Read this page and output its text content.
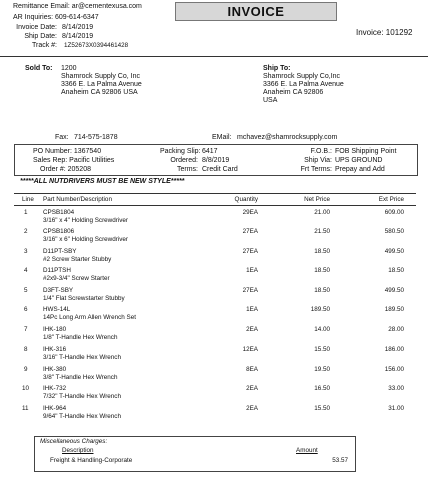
Remittance Email: ar@cementexusa.com
AR Inquiries: 609-614-6347
Invoice Date: 8/14/2019
Ship Date: 8/14/2019
Track #: 1Z52673X0394461428
INVOICE
Invoice: 101292
Sold To: 1200
Shamrock Supply Co, Inc
3366 E. La Palma Avenue
Anaheim CA 92806 USA
Ship To:
Shamrock Supply Co,Inc
3366 E. La Palma Avenue
Anaheim CA 92806
USA
Fax: 714-575-1878	EMail: mchavez@shamrocksupply.com
PO Number: 1367540
Sales Rep: Pacific Utilities
Order #: 205208
Packing Slip: 6417
Ordered: 8/8/2019
Terms: Credit Card
F.O.B.: FOB Shipping Point
Ship Via: UPS GROUND
Frt Terms: Prepay and Add
*****ALL NUTDRIVERS MUST BE NEW STYLE*****
Line Part Number/Description	Quantity	Net Price	Ext Price
1 CPSB1804
3/16" x 4" Holding Screwdriver
29EA	21.00	609.00
2 CPSB1806
3/16" x 6" Holding Screwdriver
27EA	21.50	580.50
3 D11PT-SBY
#2 Screw Starter Stubby
27EA	18.50	499.50
4 D11PTSH
#2x9-3/4" Screw Starter
1EA	18.50	18.50
5 D3FT-SBY
1/4" Flat Screwstarter Stubby
27EA	18.50	499.50
6 HWS-14L
14Pc Long Arm Allen Wrench Set
1EA	189.50	189.50
7 IHK-180
1/8" T-Handle Hex Wrench
2EA	14.00	28.00
8 IHK-316
3/16" T-Handle Hex Wrench
12EA	15.50	186.00
9 IHK-380
3/8" T-Handle Hex Wrench
8EA	19.50	156.00
10 IHK-732
7/32" T-Handle Hex Wrench
2EA	16.50	33.00
11 IHK-964
9/64" T-Handle Hex Wrench
2EA	15.50	31.00
Miscellaneous Charges:
Description	Amount
Freight & Handling-Corporate	53.57
